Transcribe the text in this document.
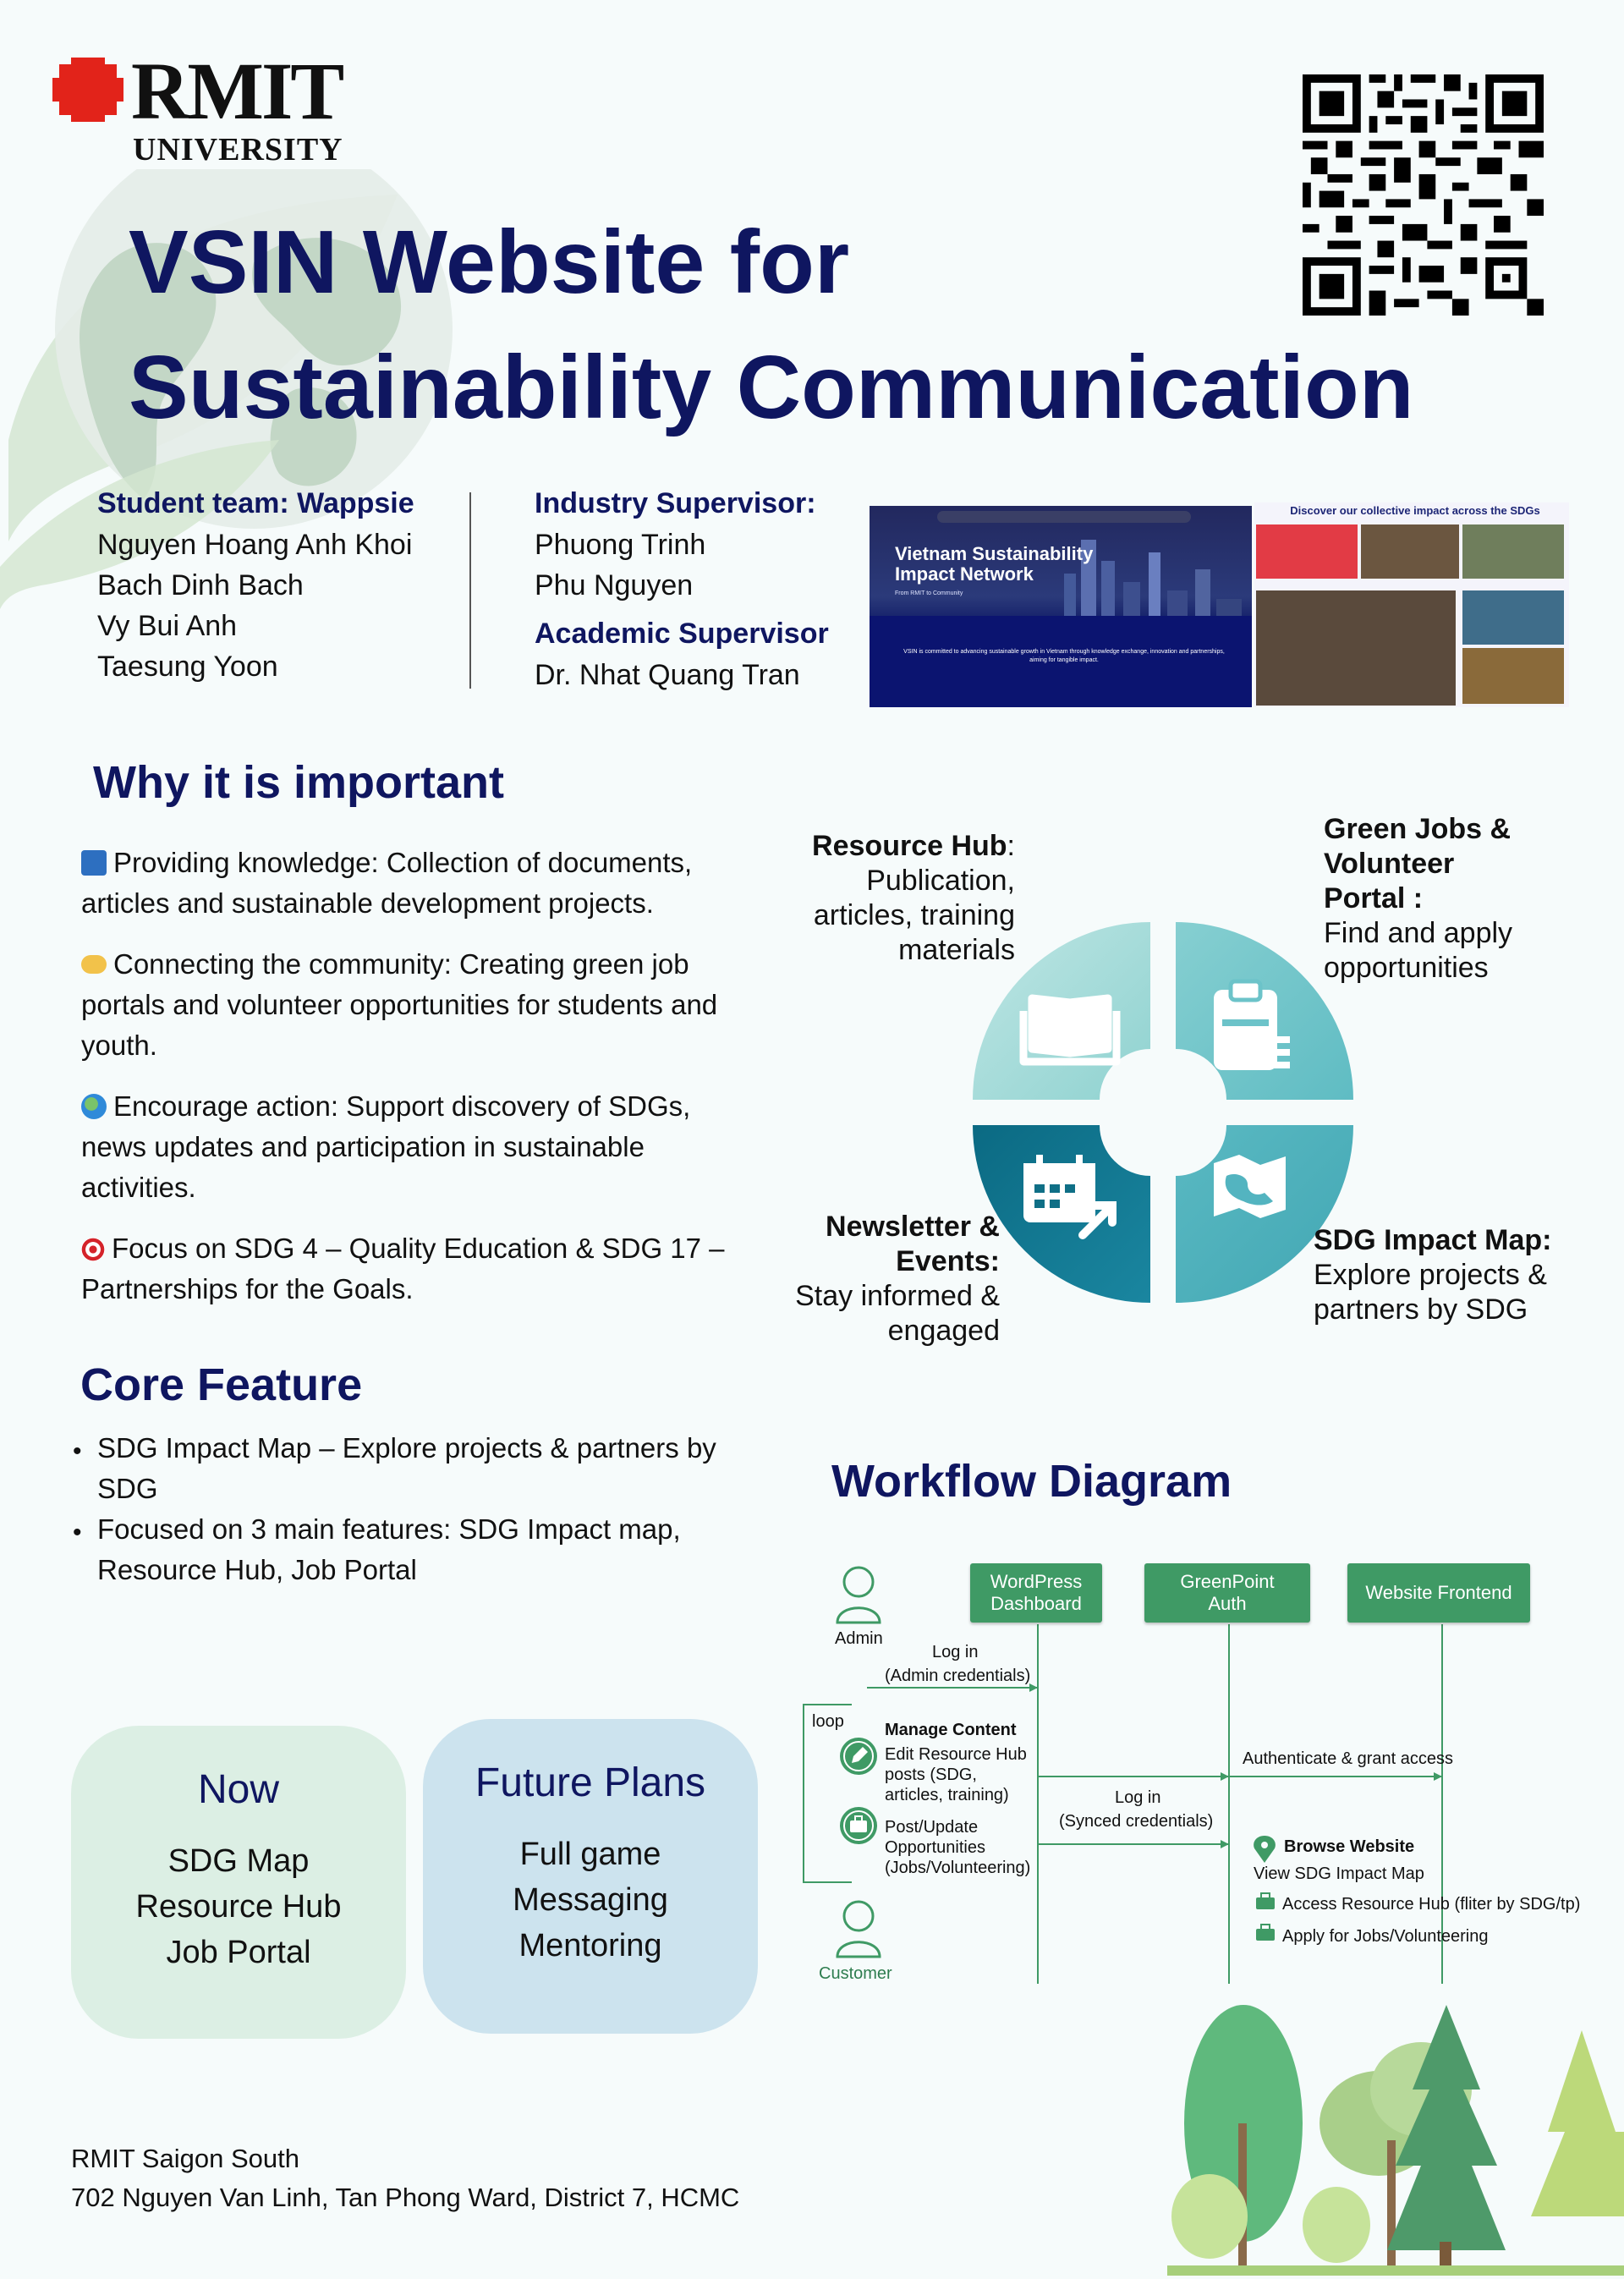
RMIT
UNIVERSITY
VSIN Website for
Sustainability Communication
Student team: Wappsie
Nguyen Hoang Anh Khoi
Bach Dinh Bach
Vy Bui Anh
Taesung Yoon
Industry Supervisor:
Phuong Trinh
Phu Nguyen
Academic Supervisor
Dr. Nhat Quang Tran
Vietnam Sustainability Impact Network
From RMIT to Community
VSIN is committed to advancing sustainable growth in Vietnam through knowledge exchange, innovation and partnerships, aiming for tangible impact.
Discover our collective impact across the SDGs
Why it is important
Providing knowledge: Collection of documents, articles and sustainable development projects.
Connecting the community: Creating green job portals and volunteer opportunities for students and youth.
Encourage action: Support discovery of SDGs, news updates and participation in sustainable activities.
Focus on SDG 4 – Quality Education & SDG 17 – Partnerships for the Goals.
Core Feature
• SDG Impact Map – Explore projects & partners by SDG
• Focused on 3 main features: SDG Impact map, Resource Hub, Job Portal
Now
SDG Map
Resource Hub
Job Portal
Future Plans
Full game
Messaging
Mentoring
Resource Hub:
Publication,
articles, training
materials
Green Jobs &
Volunteer
Portal :
Find and apply
opportunities
Newsletter &
Events:
Stay informed &
engaged
SDG Impact Map:
Explore projects &
partners by SDG
Workflow Diagram
WordPress
Dashboard
GreenPoint
Auth
Website Frontend
Admin
Customer
Log in
(Admin credentials)
loop Manage Content
Edit Resource Hub
posts (SDG,
articles, training)
Post/Update
Opportunities
(Jobs/Volunteering)
Log in
(Synced credentials)
Authenticate & grant access
Browse Website
View SDG Impact Map
Access Resource Hub (fliter by SDG/tp)
Apply for Jobs/Volunteering
RMIT Saigon South
702 Nguyen Van Linh, Tan Phong Ward, District 7, HCMC
